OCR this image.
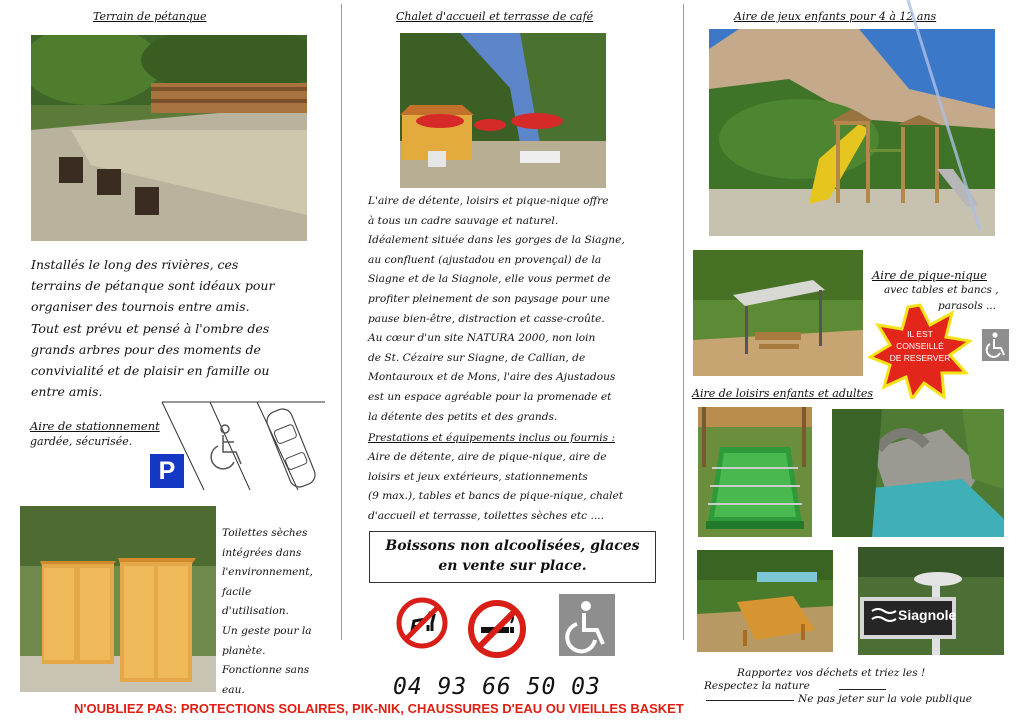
Terrain de pétanque
Installés le long des rivières, ces
terrains de pétanque sont idéaux pour
organiser des tournois entre amis.
Tout est prévu et pensé à l'ombre des
grands arbres pour des moments de
convivialité et de plaisir en famille ou
entre amis.
Aire de stationnement
gardée, sécurisée.
P
Toilettes sèches
intégrées dans
l'environnement,
facile
d'utilisation.
Un geste pour la
planète.
Fonctionne sans
eau.
Chalet d'accueil et terrasse de café
L'aire de détente, loisirs et pique-nique offre
à tous un cadre sauvage et naturel.
Idéalement située dans les gorges de la Siagne,
au confluent (ajustadou en provençal) de la
Siagne et de la Siagnole, elle vous permet de
profiter pleinement de son paysage pour une
pause bien-être, distraction et casse-croûte.
Au cœur d'un site NATURA 2000, non loin
de St. Cézaire sur Siagne, de Callian, de
Montauroux et de Mons, l'aire des Ajustadous
est un espace agréable pour la promenade et
la détente des petits et des grands.
Prestations et équipements inclus ou fournis :
Aire de détente, aire de pique-nique, aire de
loisirs et jeux extérieurs, stationnements
(9 max.), tables et bancs de pique-nique, chalet
d'accueil et terrasse, toilettes sèches etc ....
Boissons non alcoolisées, glaces
en vente sur place.
04 93 66 50 03
Aire de jeux enfants pour 4 à 12 ans
Aire de pique-nique
avec tables et bancs ,
parasols ...
IL EST
CONSEILLÉ
DE RESERVER
Aire de loisirs enfants et adultes
Siagnole
Rapportez vos déchets et triez les !
Respectez la nature
Ne pas jeter sur la voie publique
N'OUBLIEZ PAS: PROTECTIONS SOLAIRES, PIK-NIK, CHAUSSURES D'EAU OU VIEILLES BASKET
